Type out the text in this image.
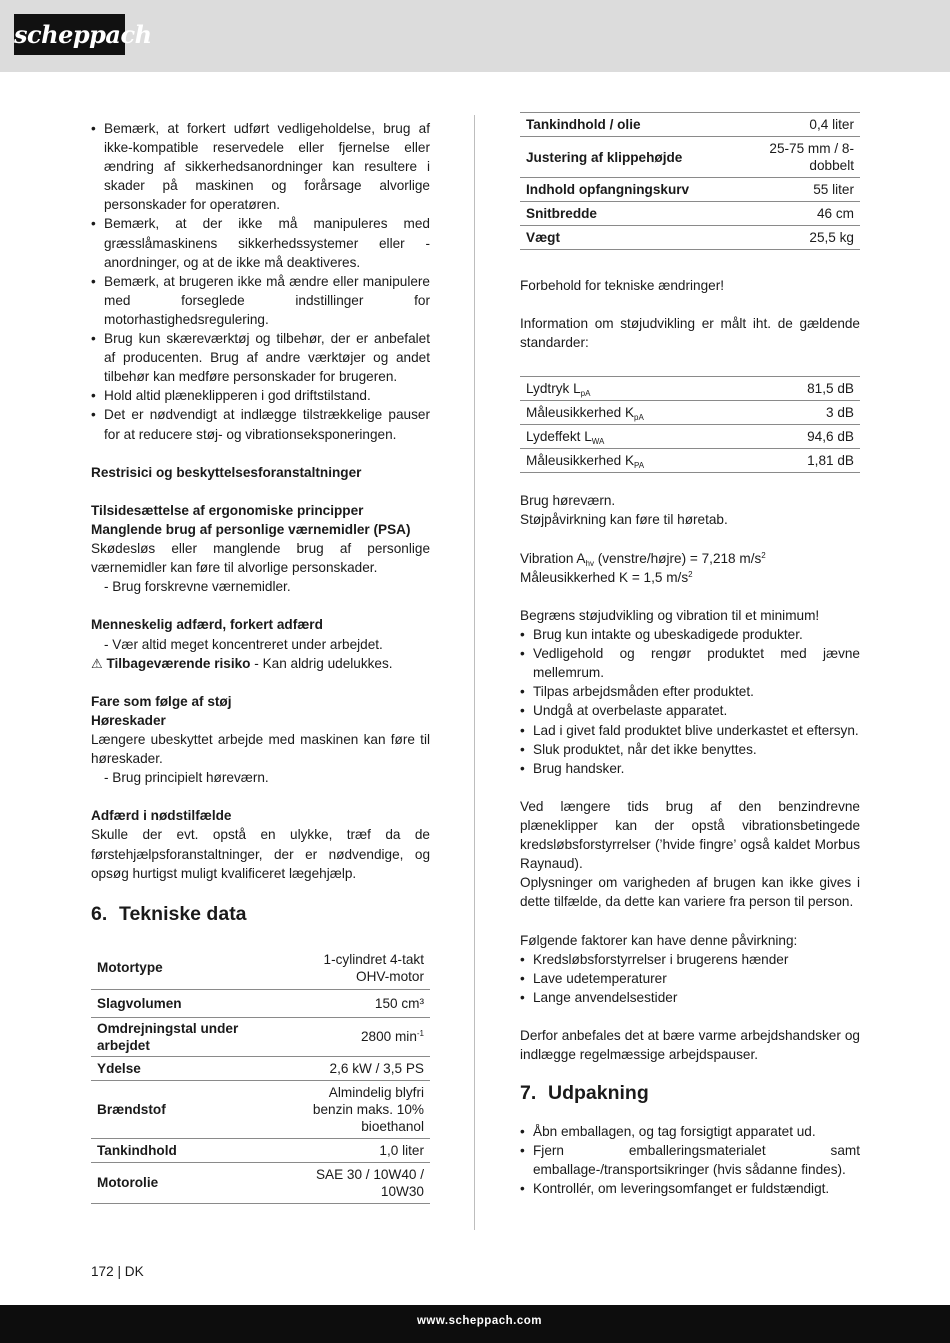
scheppach
• Bemærk, at forkert udført vedligeholdelse, brug af ikke-kompatible reservedele eller fjernelse eller ændring af sikkerhedsanordninger kan resultere i skader på maskinen og forårsage alvorlige personskader for operatøren.
• Bemærk, at der ikke må manipuleres med græsslåmaskinens sikkerhedssystemer eller -anordninger, og at de ikke må deaktiveres.
• Bemærk, at brugeren ikke må ændre eller manipulere med forseglede indstillinger for motorhastighedsregulering.
• Brug kun skæreværktøj og tilbehør, der er anbefalet af producenten. Brug af andre værktøjer og andet tilbehør kan medføre personskader for brugeren.
• Hold altid plæneklipperen i god driftstilstand.
• Det er nødvendigt at indlægge tilstrækkelige pauser for at reducere støj- og vibrationseksponeringen.

Restrisici og beskyttelsesforanstaltninger

Tilsidesættelse af ergonomiske principper

Manglende brug af personlige værnemidler (PSA)

Skødesløs eller manglende brug af personlige værnemidler kan føre til alvorlige personskader.

- Brug forskrevne værnemidler.

Menneskelig adfærd, forkert adfærd

- Vær altid meget koncentreret under arbejdet.

⚠ Tilbageværende risiko - Kan aldrig udelukkes.

Fare som følge af støj

Høreskader

Længere ubeskyttet arbejde med maskinen kan føre til høreskader.

- Brug principielt høreværn.

Adfærd i nødstilfælde

Skulle der evt. opstå en ulykke, træf da de førstehjælpsforanstaltninger, der er nødvendige, og opsøg hurtigst muligt kvalificeret lægehjælp.

6. Tekniske data
Motortype	1-cylindret 4-takt OHV-motor
Slagvolumen	150 cm³
Omdrejningstal under arbejdet	2800 $\min^{-1}$
Ydelse	2,6 kW / 3,5 PS
Brændstof	Almindelig blyfri benzin maks. 10% bioethanol
Tankindhold	1,0 liter
Motorolie	SAE 30 / 10W40 / 10W30
Tankindhold / olie	0,4 liter
Justering af klippehøjde	25-75 mm / 8-dobbelt
Indhold opfangningskurv	55 liter
Snitbredde	46 cm
Vægt	25,5 kg

Forbehold for tekniske ændringer!

Information om støjudvikling er målt iht. de gældende standarder:

Lydtryk $L_{pA}$	81,5 dB
Måleusikkerhed $K_{pA}$	3 dB
Lydeffekt $L_{WA}$	94,6 dB
Måleusikkerhed $K_{PA}$	1,81 dB

Brug høreværn.

Støjpåvirkning kan føre til høretab.

Vibration $A_{hv}$ (venstre/højre) = 7,218 $m/s^2$

Måleusikkerhed K = 1,5 $m/s^2$

Begræns støjudvikling og vibration til et minimum!

• Brug kun intakte og ubeskadigede produkter.
• Vedligehold og rengør produktet med jævne mellemrum.
• Tilpas arbejdsmåden efter produktet.
• Undgå at overbelaste apparatet.
• Lad i givet fald produktet blive underkastet et eftersyn.
• Sluk produktet, når det ikke benyttes.
• Brug handsker.

Ved længere tids brug af den benzindrevne plæneklipper kan der opstå vibrationsbetingede kredsløbsforstyrrelser (’hvide fingre’ også kaldet Morbus Raynaud).

Oplysninger om varigheden af brugen kan ikke gives i dette tilfælde, da dette kan variere fra person til person.

Følgende faktorer kan have denne påvirkning:

• Kredsløbsforstyrrelser i brugerens hænder
• Lave udetemperaturer
• Lange anvendelsestider

Derfor anbefales det at bære varme arbejdshandsker og indlægge regelmæssige arbejdspauser.

7. Udpakning
• Åbn emballagen, og tag forsigtigt apparatet ud.
• Fjern emballeringsmaterialet samt emballage-/transportsikringer (hvis sådanne findes).
• Kontrollér, om leveringsomfanget er fuldstændigt.
172 | DK
www.scheppach.com
